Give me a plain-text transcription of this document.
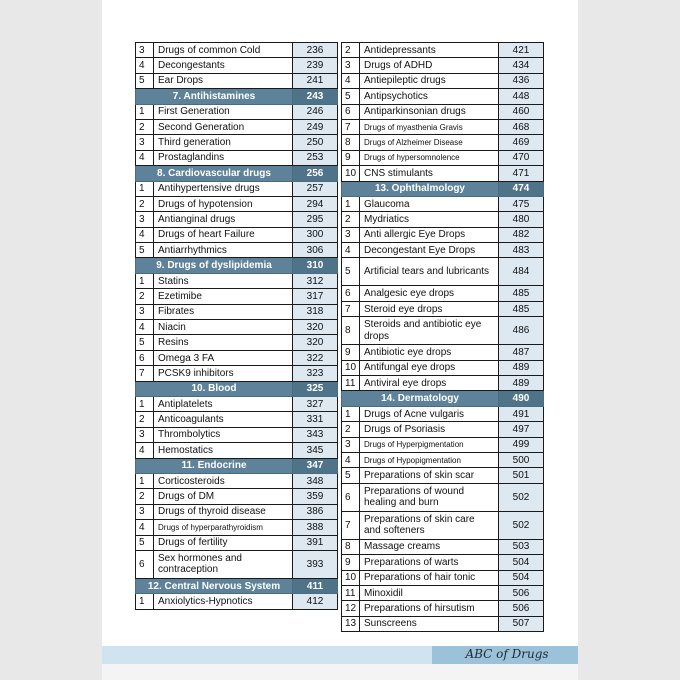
3	Drugs of common Cold	236
4	Decongestants	239
5	Ear Drops	241
7. Antihistamines		243
1	First Generation	246
2	Second Generation	249
3	Third generation	250
4	Prostaglandins	253
8. Cardiovascular drugs		256
1	Antihypertensive drugs	257
2	Drugs of hypotension	294
3	Antianginal drugs	295
4	Drugs of heart Failure	300
5	Antiarrhythmics	306
9. Drugs of dyslipidemia		310
1	Statins	312
2	Ezetimibe	317
3	Fibrates	318
4	Niacin	320
5	Resins	320
6	Omega 3 FA	322
7	PCSK9 inhibitors	323
10. Blood		325
1	Antiplatelets	327
2	Anticoagulants	331
3	Thrombolytics	343
4	Hemostatics	345
11. Endocrine		347
1	Corticosteroids	348
2	Drugs of DM	359
3	Drugs of thyroid disease	386
4	Drugs of hyperparathyroidism	388
5	Drugs of fertility	391
6	Sex hormones and contraception	393
12. Central Nervous System		411
1	Anxiolytics-Hypnotics	412
2	Antidepressants	421
3	Drugs of ADHD	434
4	Antiepileptic drugs	436
5	Antipsychotics	448
6	Antiparkinsonian drugs	460
7	Drugs of myasthenia Gravis	468
8	Drugs of Alzheimer Disease	469
9	Drugs of hypersomnolence	470
10	CNS stimulants	471
13. Ophthalmology		474
1	Glaucoma	475
2	Mydriatics	480
3	Anti allergic Eye Drops	482
4	Decongestant Eye Drops	483
5	Artificial tears and lubricants	484
6	Analgesic eye drops	485
7	Steroid eye drops	485
8	Steroids and antibiotic eye drops	486
9	Antibiotic eye drops	487
10	Antifungal eye drops	489
11	Antiviral eye drops	489
14. Dermatology		490
1	Drugs of Acne vulgaris	491
2	Drugs of Psoriasis	497
3	Drugs of Hyperpigmentation	499
4	Drugs of Hypopigmentation	500
5	Preparations of skin scar	501
6	Preparations of wound healing and burn	502
7	Preparations of skin care and softeners	502
8	Massage creams	503
9	Preparations of warts	504
10	Preparations of hair tonic	504
11	Minoxidil	506
12	Preparations of hirsutism	506
13	Sunscreens	507
ABC of Drugs
